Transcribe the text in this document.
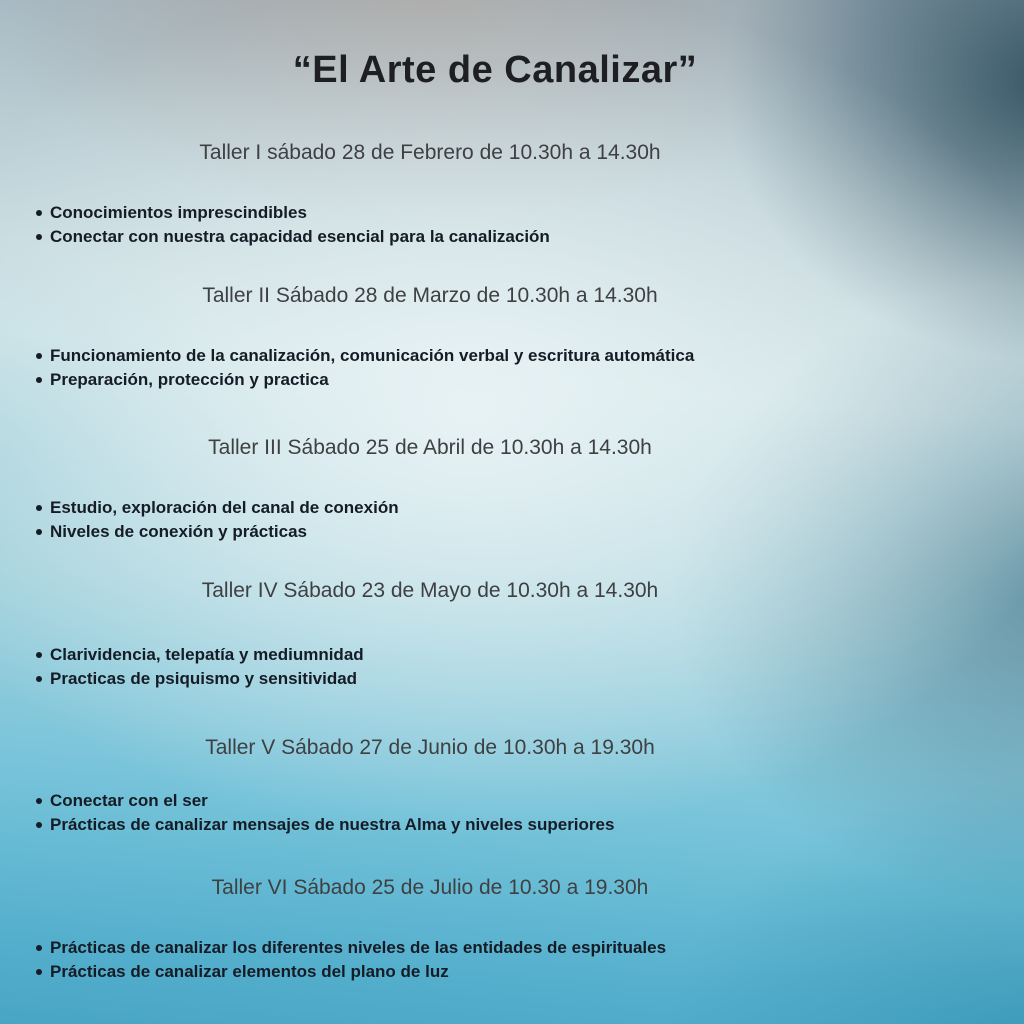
“El Arte de Canalizar”
Taller I sábado 28 de Febrero de 10.30h a 14.30h
Conocimientos imprescindibles
Conectar con nuestra capacidad esencial para la canalización
Taller II Sábado 28 de Marzo de 10.30h a 14.30h
Funcionamiento de la canalización, comunicación verbal y escritura automática
Preparación, protección y practica
Taller III Sábado 25 de Abril de 10.30h a 14.30h
Estudio, exploración del canal de conexión
Niveles de conexión y prácticas
Taller IV Sábado 23 de Mayo de 10.30h a 14.30h
Clarividencia, telepatía y mediumnidad
Practicas de psiquismo y sensitividad
Taller V Sábado 27 de Junio de 10.30h a 19.30h
Conectar con el ser
Prácticas de canalizar mensajes de nuestra Alma y niveles superiores
Taller VI Sábado 25 de Julio de 10.30 a 19.30h
Prácticas de canalizar los diferentes niveles de las entidades de espirituales
Prácticas de canalizar elementos del plano de luz
